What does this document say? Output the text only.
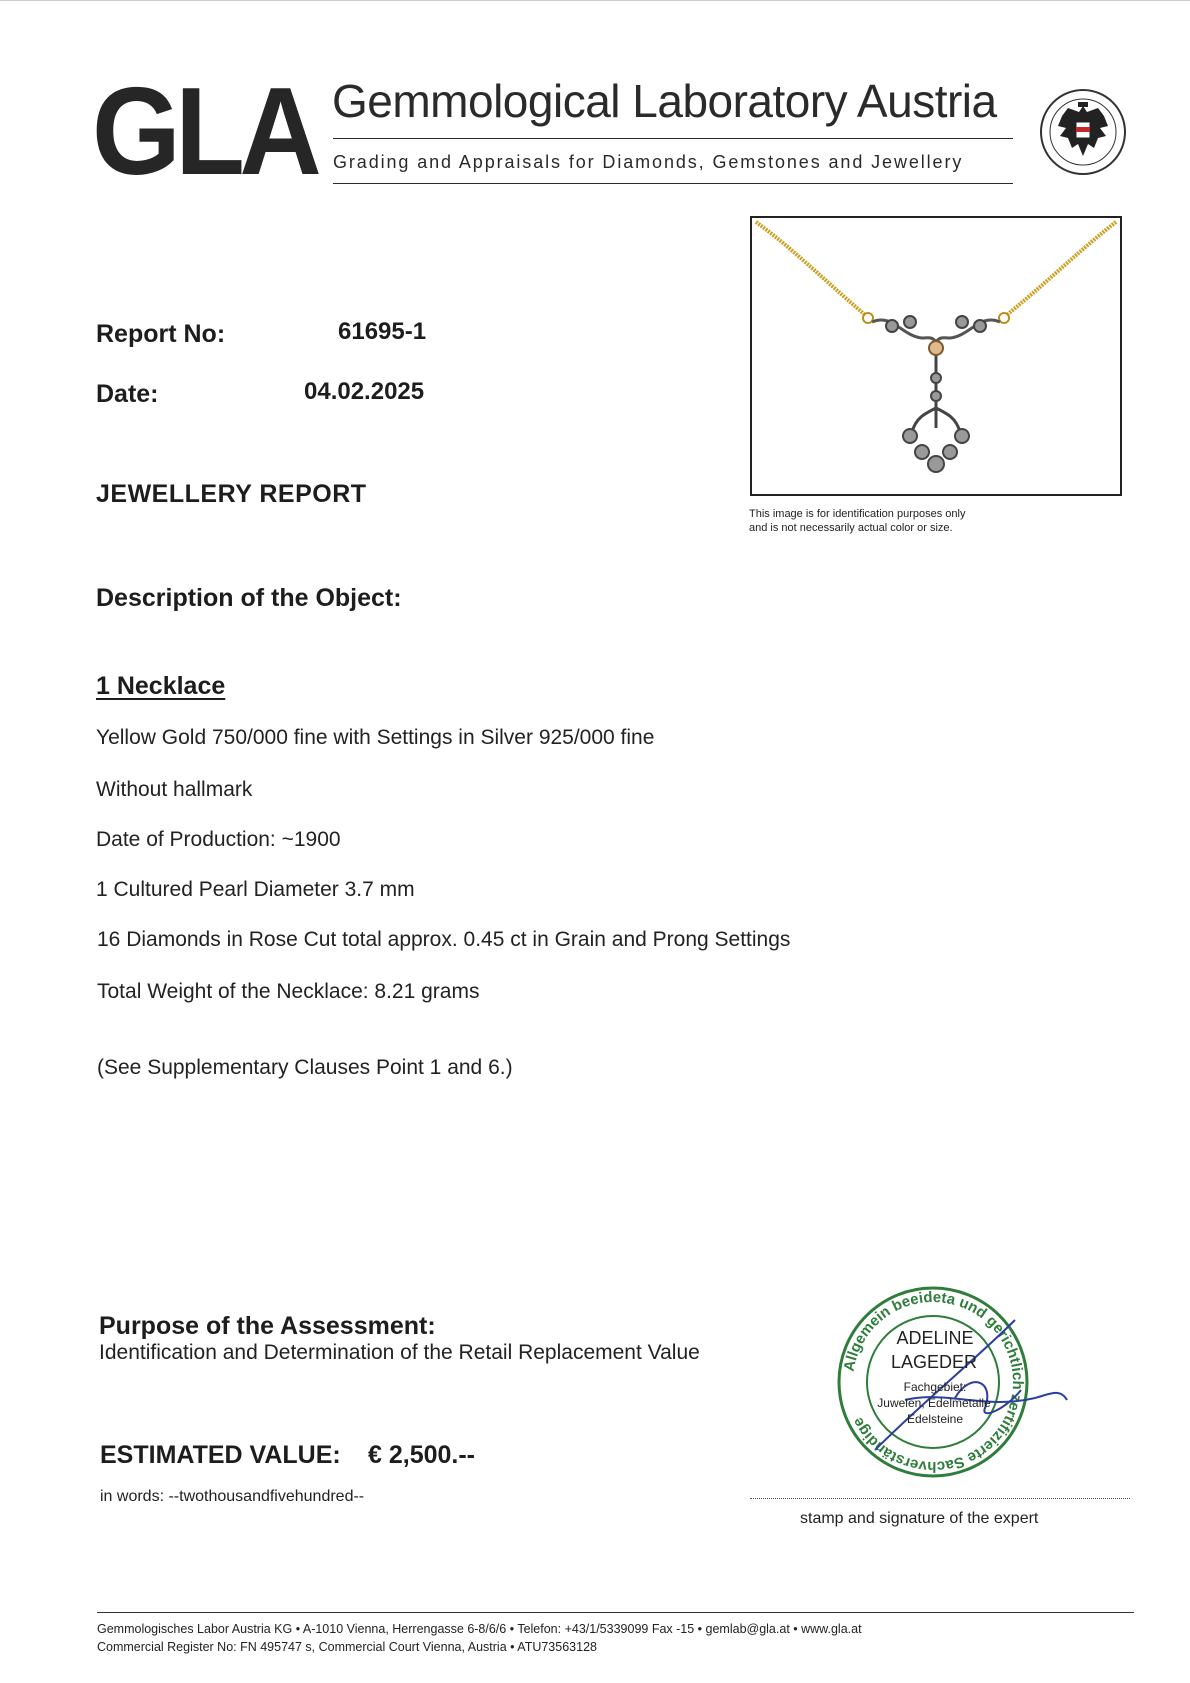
GLA Gemmological Laboratory Austria
Grading and Appraisals for Diamonds, Gemstones and Jewellery
Report No:	61695-1
Date:	04.02.2025
JEWELLERY REPORT
This image is for identification purposes only
and is not necessarily actual color or size.
Description of the Object:
1 Necklace
Yellow Gold 750/000 fine with Settings in Silver 925/000 fine
Without hallmark
Date of Production: ~1900
1 Cultured Pearl Diameter 3.7 mm
16 Diamonds in Rose Cut total approx. 0.45 ct in Grain and Prong Settings
Total Weight of the Necklace: 8.21 grams
(See Supplementary Clauses Point 1 and 6.)
Purpose of the Assessment:
Identification and Determination of the Retail Replacement Value
ESTIMATED VALUE: € 2,500.--
in words: --twothousandfivehundred--
Allgemein beeideta und gerichtlich zertifizierte Sachverständige
ADELINE
LAGEDER
Fachgebiet:
Juwelen, Edelmetalle
Edelsteine
stamp and signature of the expert
Gemmologisches Labor Austria KG • A-1010 Vienna, Herrengasse 6-8/6/6 • Telefon: +43/1/5339099 Fax -15 • gemlab@gla.at • www.gla.at
Commercial Register No: FN 495747 s, Commercial Court Vienna, Austria • ATU73563128
